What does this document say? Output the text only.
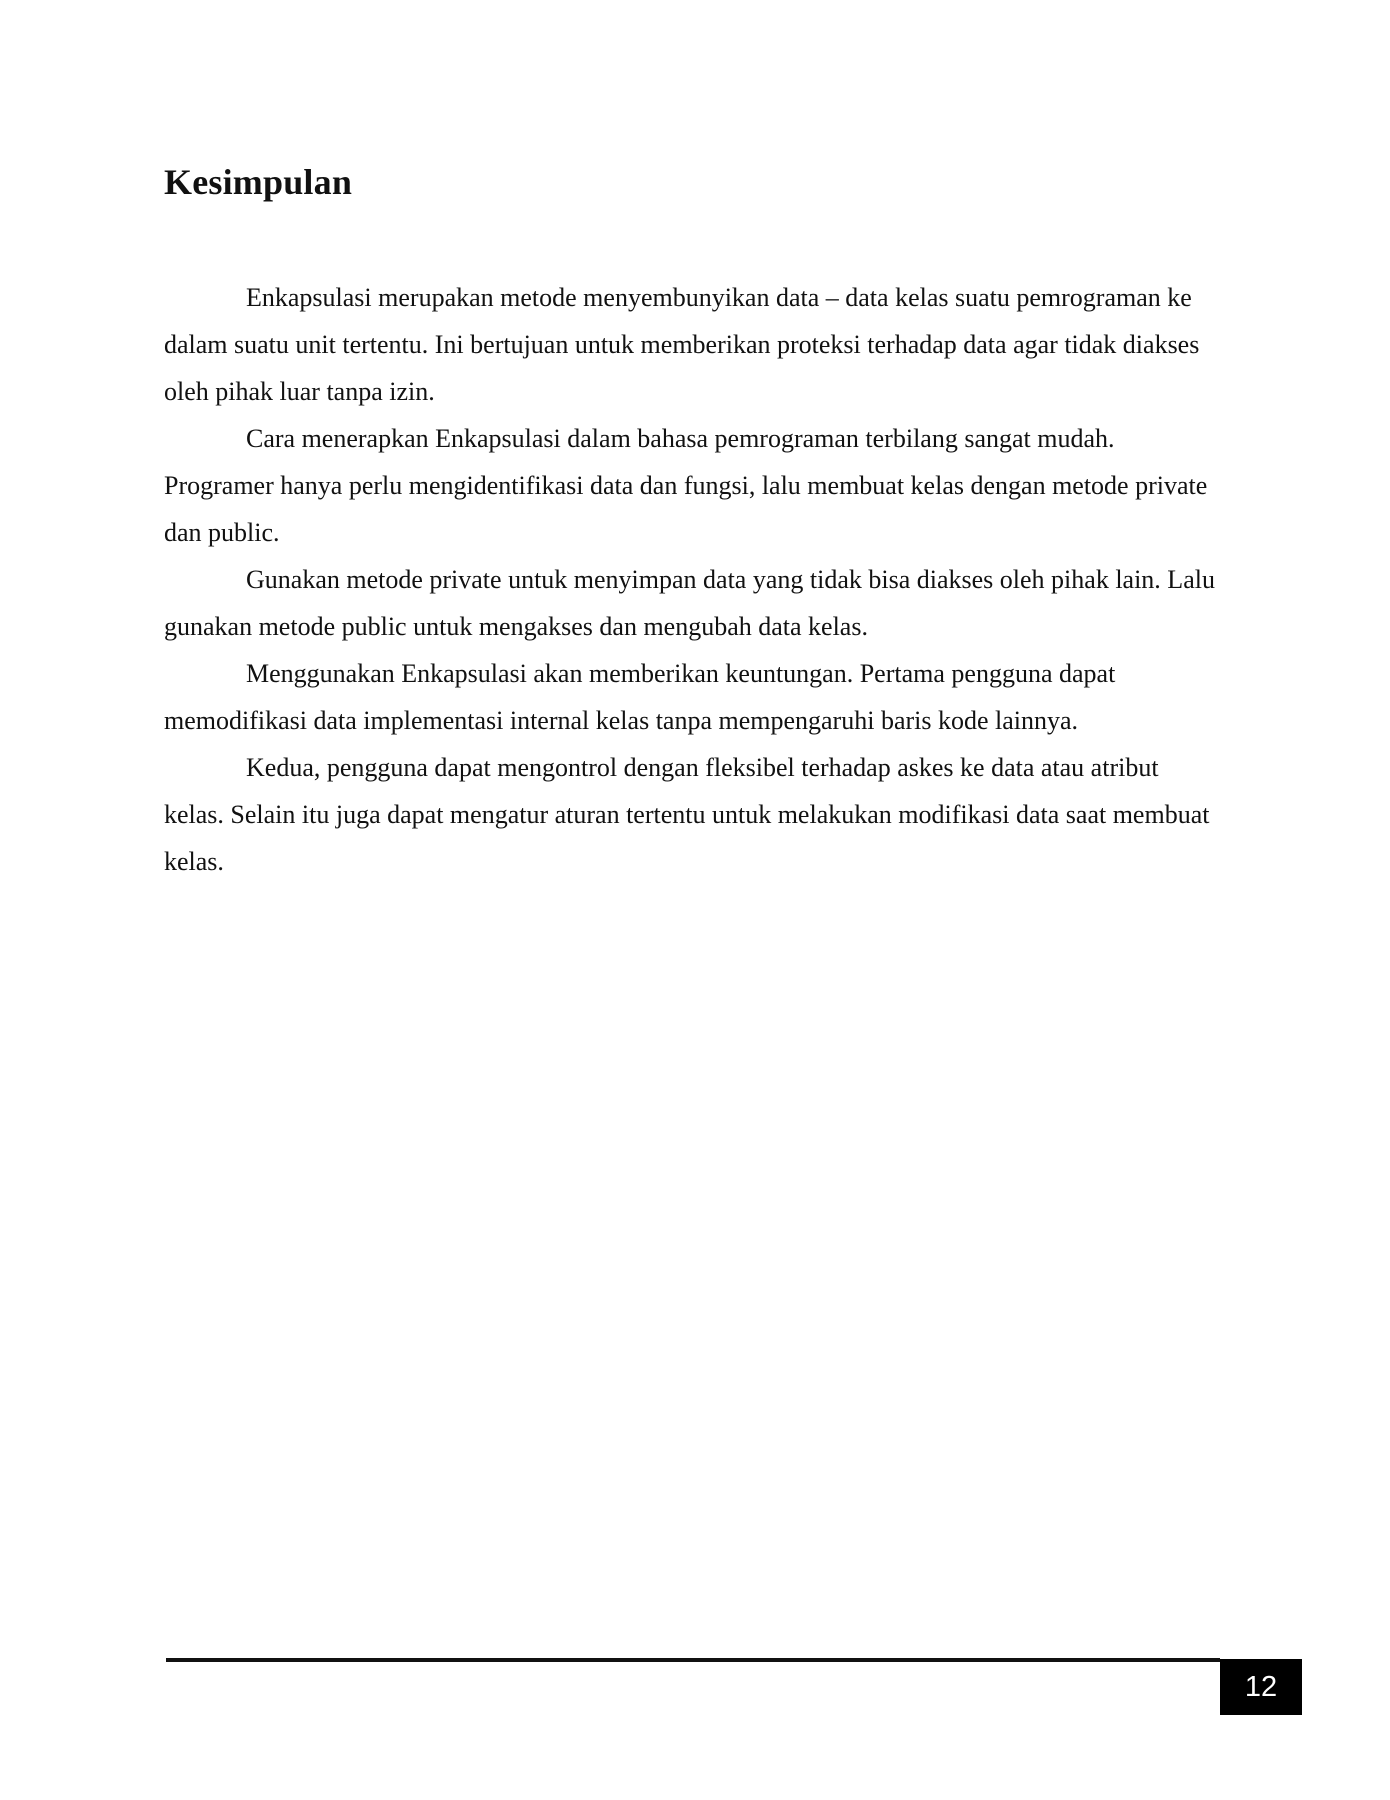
Kesimpulan

Enkapsulasi merupakan metode menyembunyikan data – data kelas suatu pemrograman ke dalam suatu unit tertentu. Ini bertujuan untuk memberikan proteksi terhadap data agar tidak diakses oleh pihak luar tanpa izin.

Cara menerapkan Enkapsulasi dalam bahasa pemrograman terbilang sangat mudah. Programer hanya perlu mengidentifikasi data dan fungsi, lalu membuat kelas dengan metode private dan public.

Gunakan metode private untuk menyimpan data yang tidak bisa diakses oleh pihak lain. Lalu gunakan metode public untuk mengakses dan mengubah data kelas.

Menggunakan Enkapsulasi akan memberikan keuntungan. Pertama pengguna dapat memodifikasi data implementasi internal kelas tanpa mempengaruhi baris kode lainnya.

Kedua, pengguna dapat mengontrol dengan fleksibel terhadap askes ke data atau atribut kelas. Selain itu juga dapat mengatur aturan tertentu untuk melakukan modifikasi data saat membuat kelas.

12
